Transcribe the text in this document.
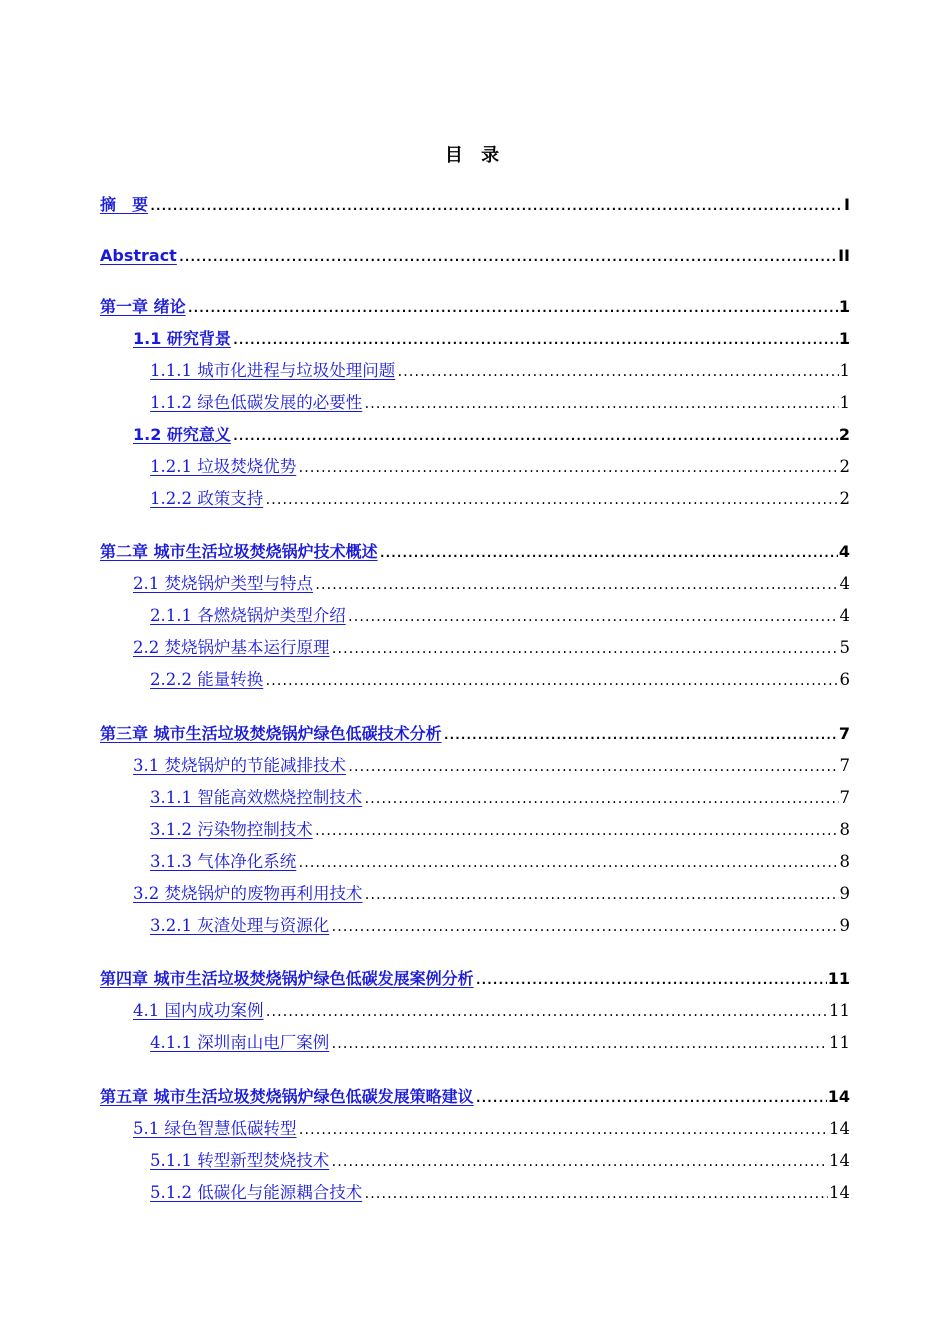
目 录
摘　要 .....	I
Abstract .....	II
第一章 绪论 .....	1
1.1 研究背景 .....	1
1.1.1 城市化进程与垃圾处理问题 .....	1
1.1.2 绿色低碳发展的必要性 .....	1
1.2 研究意义 .....	2
1.2.1 垃圾焚烧优势 .....	2
1.2.2 政策支持 .....	2
第二章 城市生活垃圾焚烧锅炉技术概述 .....	4
2.1 焚烧锅炉类型与特点 .....	4
2.1.1 各燃烧锅炉类型介绍 .....	4
2.2 焚烧锅炉基本运行原理 .....	5
2.2.2 能量转换 .....	6
第三章 城市生活垃圾焚烧锅炉绿色低碳技术分析 .....	7
3.1 焚烧锅炉的节能减排技术 .....	7
3.1.1 智能高效燃烧控制技术 .....	7
3.1.2 污染物控制技术 .....	8
3.1.3 气体净化系统 .....	8
3.2 焚烧锅炉的废物再利用技术 .....	9
3.2.1 灰渣处理与资源化 .....	9
第四章 城市生活垃圾焚烧锅炉绿色低碳发展案例分析 .....	11
4.1 国内成功案例 .....	11
4.1.1 深圳南山电厂案例 .....	11
第五章 城市生活垃圾焚烧锅炉绿色低碳发展策略建议 .....	14
5.1 绿色智慧低碳转型 .....	14
5.1.1 转型新型焚烧技术 .....	14
5.1.2 低碳化与能源耦合技术 .....	14
